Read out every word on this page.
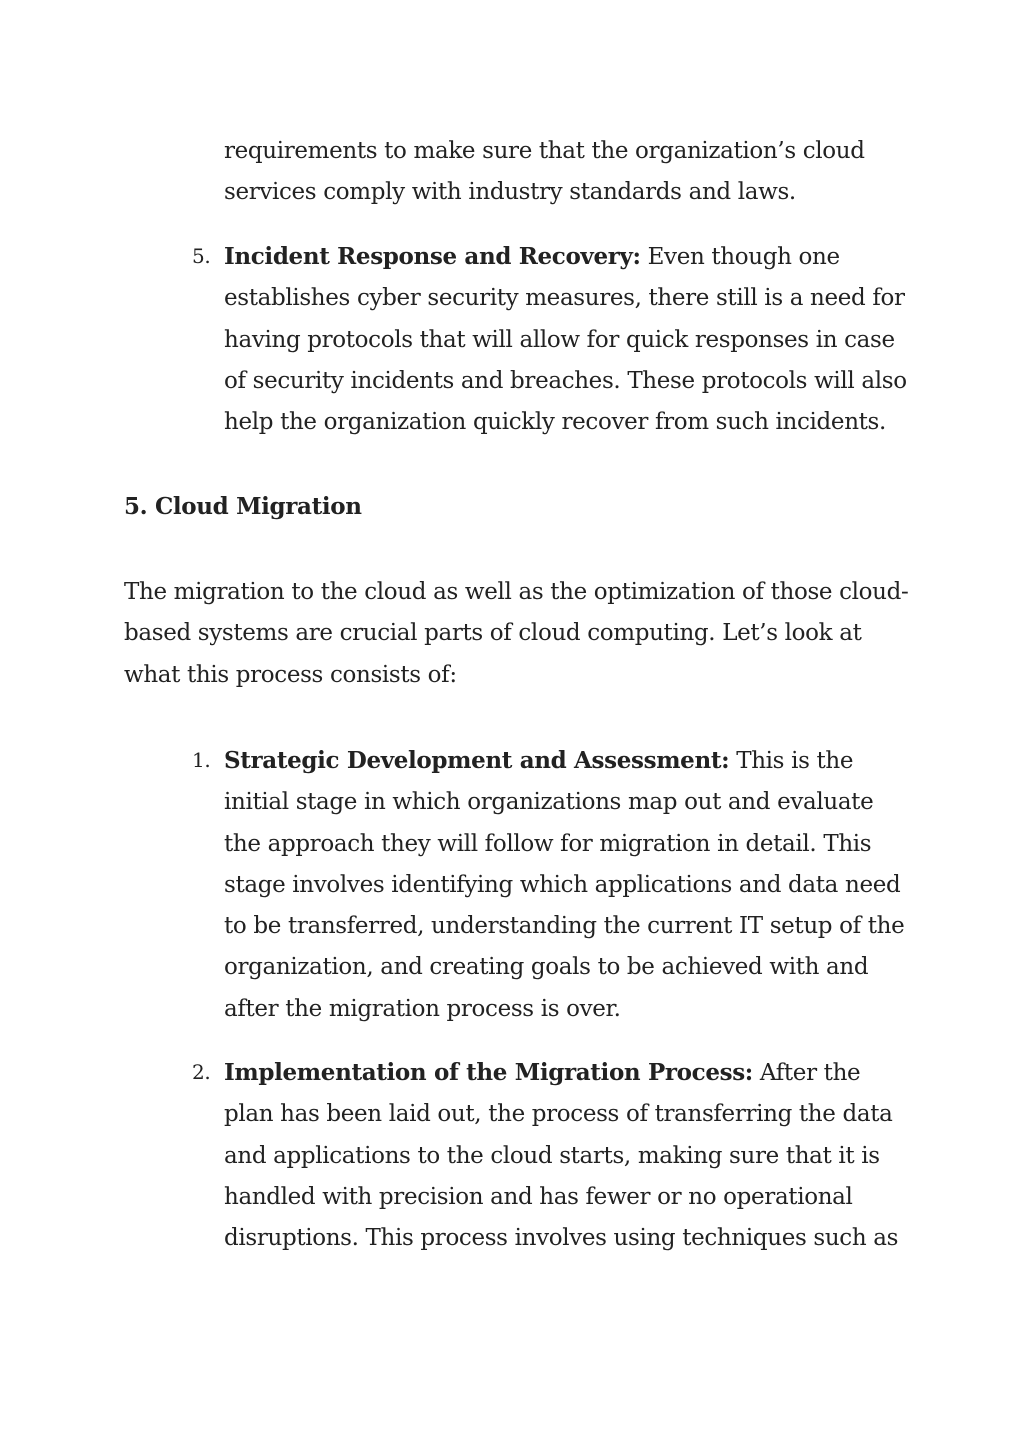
requirements to make sure that the organization’s cloud services comply with industry standards and laws.

5. Incident Response and Recovery: Even though one establishes cyber security measures, there still is a need for having protocols that will allow for quick responses in case of security incidents and breaches. These protocols will also help the organization quickly recover from such incidents.
5. Cloud Migration

The migration to the cloud as well as the optimization of those cloud-based systems are crucial parts of cloud computing. Let’s look at what this process consists of:

1. Strategic Development and Assessment: This is the initial stage in which organizations map out and evaluate the approach they will follow for migration in detail. This stage involves identifying which applications and data need to be transferred, understanding the current IT setup of the organization, and creating goals to be achieved with and after the migration process is over.
2. Implementation of the Migration Process: After the plan has been laid out, the process of transferring the data and applications to the cloud starts, making sure that it is handled with precision and has fewer or no operational disruptions. This process involves using techniques such as
